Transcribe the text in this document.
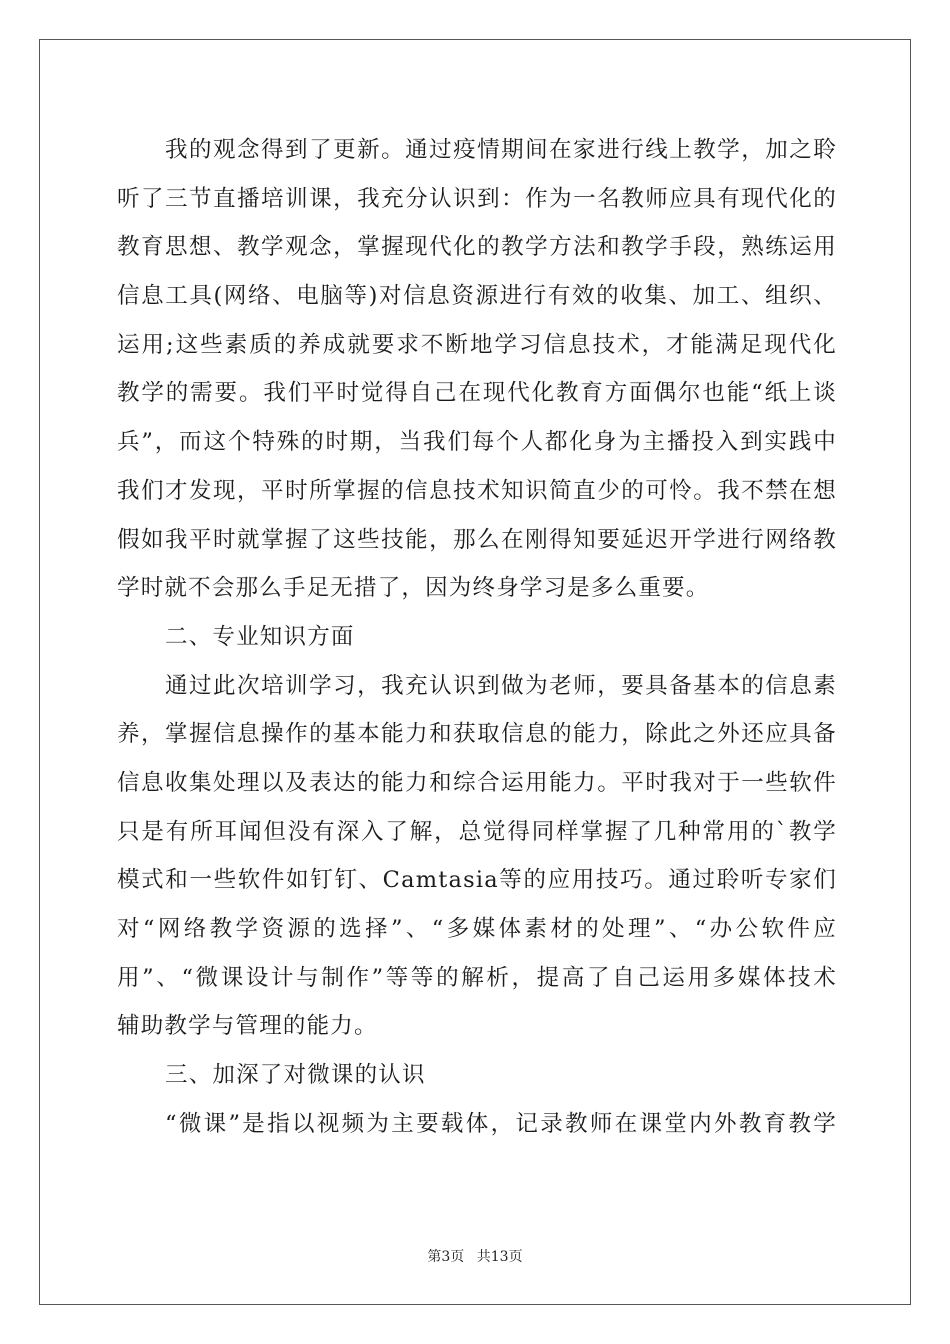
我的观念得到了更新。通过疫情期间在家进行线上教学，加之聆
听了三节直播培训课，我充分认识到：作为一名教师应具有现代化的
教育思想、教学观念，掌握现代化的教学方法和教学手段，熟练运用
信息工具(网络、电脑等)对信息资源进行有效的收集、加工、组织、
运用;这些素质的养成就要求不断地学习信息技术，才能满足现代化
教学的需要。我们平时觉得自己在现代化教育方面偶尔也能“纸上谈
兵”，而这个特殊的时期，当我们每个人都化身为主播投入到实践中
我们才发现，平时所掌握的信息技术知识简直少的可怜。我不禁在想
假如我平时就掌握了这些技能，那么在刚得知要延迟开学进行网络教
学时就不会那么手足无措了，因为终身学习是多么重要。
二、专业知识方面
通过此次培训学习，我充认识到做为老师，要具备基本的信息素
养，掌握信息操作的基本能力和获取信息的能力，除此之外还应具备
信息收集处理以及表达的能力和综合运用能力。平时我对于一些软件
只是有所耳闻但没有深入了解，总觉得同样掌握了几种常用的`教学
模式和一些软件如钉钉、Camtasia等的应用技巧。通过聆听专家们
对“网络教学资源的选择”、“多媒体素材的处理”、“办公软件应
用”、“微课设计与制作”等等的解析，提高了自己运用多媒体技术
辅助教学与管理的能力。
三、加深了对微课的认识
“微课”是指以视频为主要载体，记录教师在课堂内外教育教学
第3页 共13页
